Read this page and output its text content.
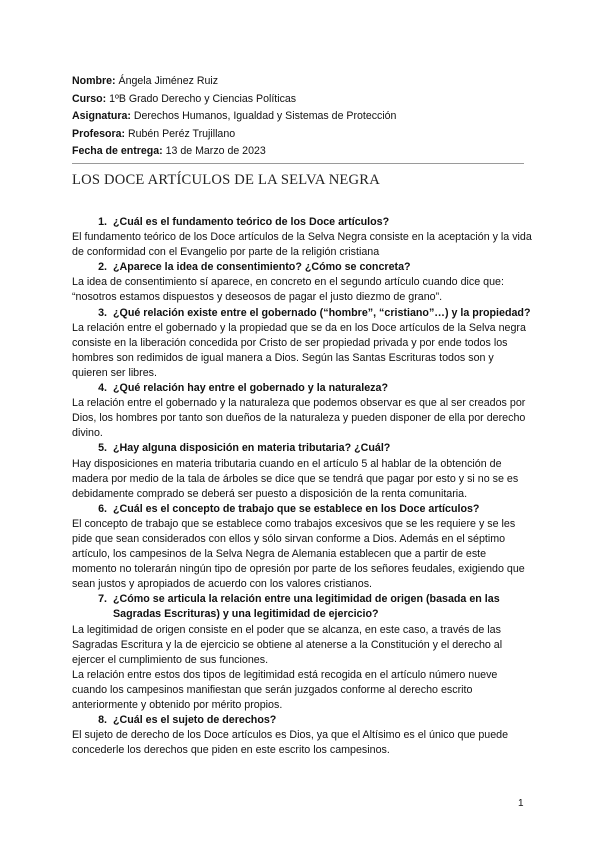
Nombre: Ángela Jiménez Ruiz
Curso: 1ºB Grado Derecho y Ciencias Políticas
Asignatura: Derechos Humanos, Igualdad y Sistemas de Protección
Profesora: Rubén Peréz Trujillano
Fecha de entrega: 13 de Marzo de 2023
LOS DOCE ARTÍCULOS DE LA SELVA NEGRA
1. ¿Cuál es el fundamento teórico de los Doce artículos?

El fundamento teórico de los Doce artículos de la Selva Negra consiste en la aceptación y la vida de conformidad con el Evangelio por parte de la religión cristiana

2. ¿Aparece la idea de consentimiento? ¿Cómo se concreta?

La idea de consentimiento sí aparece, en concreto en el segundo artículo cuando dice que: “nosotros estamos dispuestos y deseosos de pagar el justo diezmo de grano”.

3. ¿Qué relación existe entre el gobernado (“hombre”, “cristiano”…) y la propiedad?

La relación entre el gobernado y la propiedad que se da en los Doce artículos de la Selva negra consiste en la liberación concedida por Cristo de ser propiedad privada y por ende todos los hombres son redimidos de igual manera a Dios. Según las Santas Escrituras todos son y quieren ser libres.

4. ¿Qué relación hay entre el gobernado y la naturaleza?

La relación entre el gobernado y la naturaleza que podemos observar es que al ser creados por Dios, los hombres por tanto son dueños de la naturaleza y pueden disponer de ella por derecho divino.

5. ¿Hay alguna disposición en materia tributaria? ¿Cuál?

Hay disposiciones en materia tributaria cuando en el artículo 5 al hablar de la obtención de madera por medio de la tala de árboles se dice que se tendrá que pagar por esto y si no se es debidamente comprado se deberá ser puesto a disposición de la renta comunitaria.

6. ¿Cuál es el concepto de trabajo que se establece en los Doce artículos?

El concepto de trabajo que se establece como trabajos excesivos que se les requiere y se les pide que sean considerados con ellos y sólo sirvan conforme a Dios. Además en el séptimo artículo, los campesinos de la Selva Negra de Alemania establecen que a partir de este momento no tolerarán ningún tipo de opresión por parte de los señores feudales, exigiendo que sean justos y apropiados de acuerdo con los valores cristianos.

7. ¿Cómo se articula la relación entre una legitimidad de origen (basada en las Sagradas Escrituras) y una legitimidad de ejercicio?

La legitimidad de origen consiste en el poder que se alcanza, en este caso, a través de las Sagradas Escritura y la de ejercicio se obtiene al atenerse a la Constitución y el derecho al ejercer el cumplimiento de sus funciones.

La relación entre estos dos tipos de legitimidad está recogida en el artículo número nueve cuando los campesinos manifiestan que serán juzgados conforme al derecho escrito anteriormente y obtenido por mérito propios.

8. ¿Cuál es el sujeto de derechos?

El sujeto de derecho de los Doce artículos es Dios, ya que el Altísimo es el único que puede concederle los derechos que piden en este escrito los campesinos.

1
